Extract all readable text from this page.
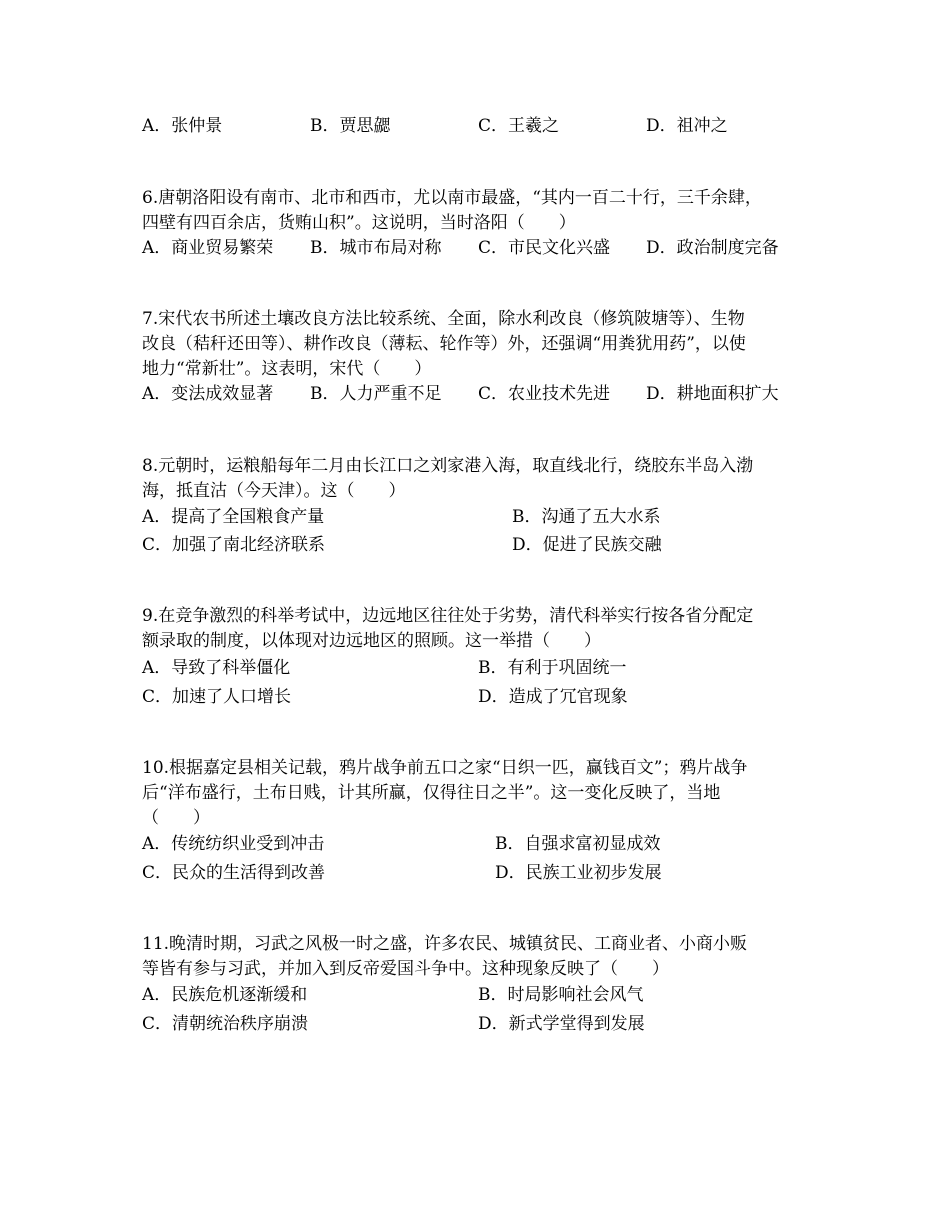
A．张仲景	B．贾思勰	C．王羲之	D．祖冲之
6.唐朝洛阳设有南市、北市和西市，尤以南市最盛，“其内一百二十行，三千余肆，
四壁有四百余店，货贿山积”。这说明，当时洛阳（　　）
A．商业贸易繁荣 B．城市布局对称 C．市民文化兴盛 D．政治制度完备
7.宋代农书所述土壤改良方法比较系统、全面，除水利改良（修筑陂塘等）、生物
改良（秸秆还田等）、耕作改良（薄耘、轮作等）外，还强调“用粪犹用药”，以使
地力“常新壮”。这表明，宋代（　　）
A．变法成效显著 B．人力严重不足 C．农业技术先进 D．耕地面积扩大
8.元朝时，运粮船每年二月由长江口之刘家港入海，取直线北行，绕胶东半岛入渤
海，抵直沽（今天津）。这（　　）
A．提高了全国粮食产量	B．沟通了五大水系
C．加强了南北经济联系	D．促进了民族交融
9.在竞争激烈的科举考试中，边远地区往往处于劣势，清代科举实行按各省分配定
额录取的制度，以体现对边远地区的照顾。这一举措（　　）
A．导致了科举僵化	B．有利于巩固统一
C．加速了人口增长	D．造成了冗官现象
10.根据嘉定县相关记载，鸦片战争前五口之家“日织一匹，赢钱百文”；鸦片战争
后“洋布盛行，土布日贱，计其所赢，仅得往日之半”。这一变化反映了，当地
（　　）
A．传统纺织业受到冲击	B．自强求富初显成效
C．民众的生活得到改善	D．民族工业初步发展
11.晚清时期，习武之风极一时之盛，许多农民、城镇贫民、工商业者、小商小贩
等皆有参与习武，并加入到反帝爱国斗争中。这种现象反映了（　　）
A．民族危机逐渐缓和	B．时局影响社会风气
C．清朝统治秩序崩溃	D．新式学堂得到发展
